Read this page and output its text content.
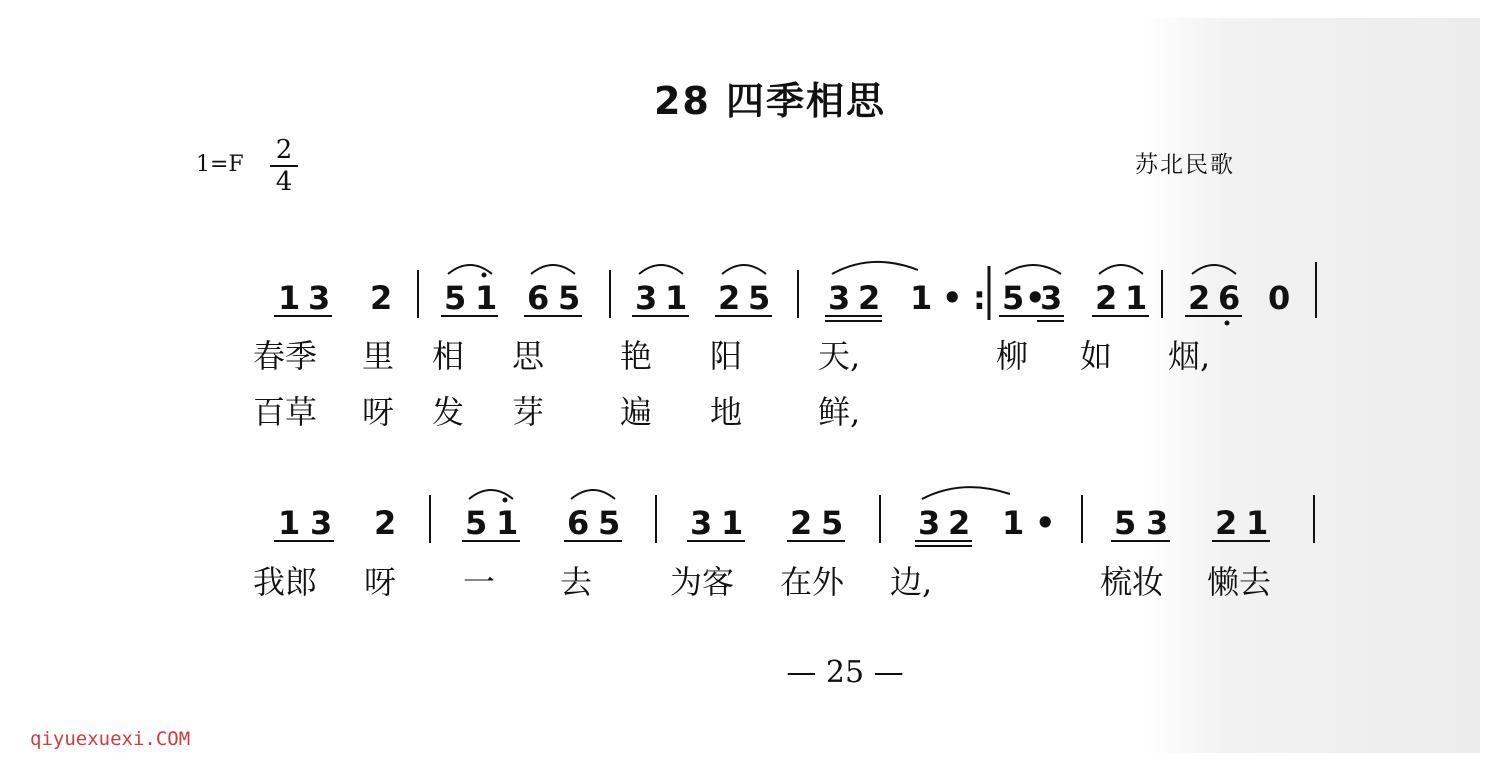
28 四季相思
1=F 2
4
苏北民歌
1 3 2 5 1 6 5 3 1 2 5 3 2 1 • : 5 •
3 2 1 2 6 0
春季 里 相 思 艳 阳 天,	柳 如 烟,
百草 呀 发 芽 遍 地 鲜,
1 3 2 5 1 6 5 3 1 2 5 3 2 1 • 5 3 2 1
我郎 呀 一 去 为客 在外 边,	梳妆 懒去
— 25 —
qiyuexuexi.COM
